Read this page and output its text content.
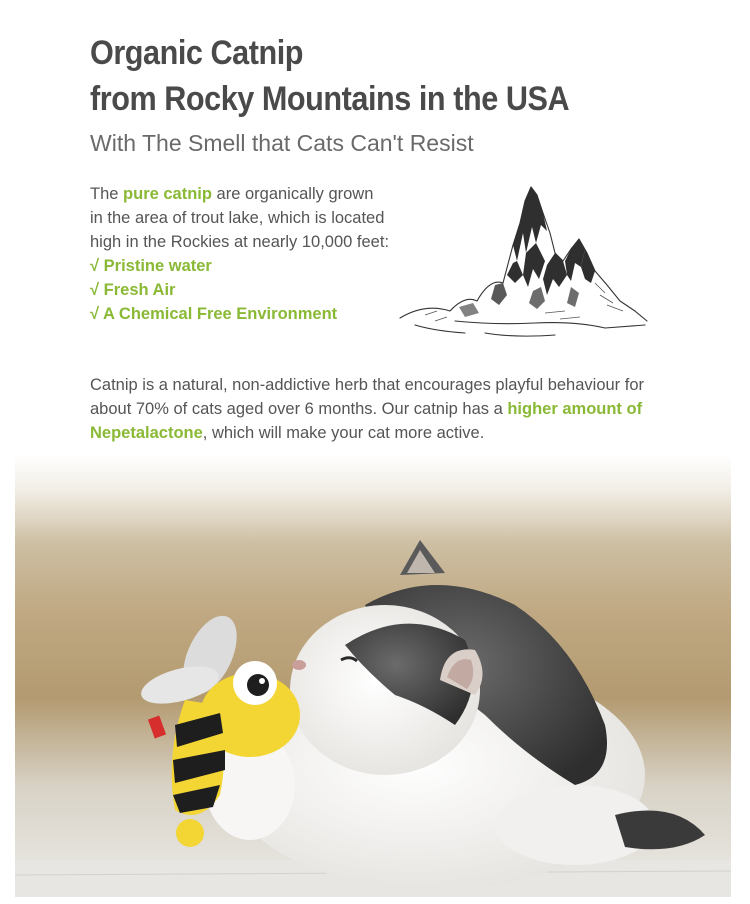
Organic Catnip
from Rocky Mountains in the USA
With The Smell that Cats Can't Resist
The pure catnip are organically grown in the area of trout lake, which is located high in the Rockies at nearly 10,000 feet:
√ Pristine water
√ Fresh Air
√ A Chemical Free Environment
Catnip is a natural, non-addictive herb that encourages playful behaviour for about 70% of cats aged over 6 months. Our catnip has a higher amount of Nepetalactone, which will make your cat more active.
